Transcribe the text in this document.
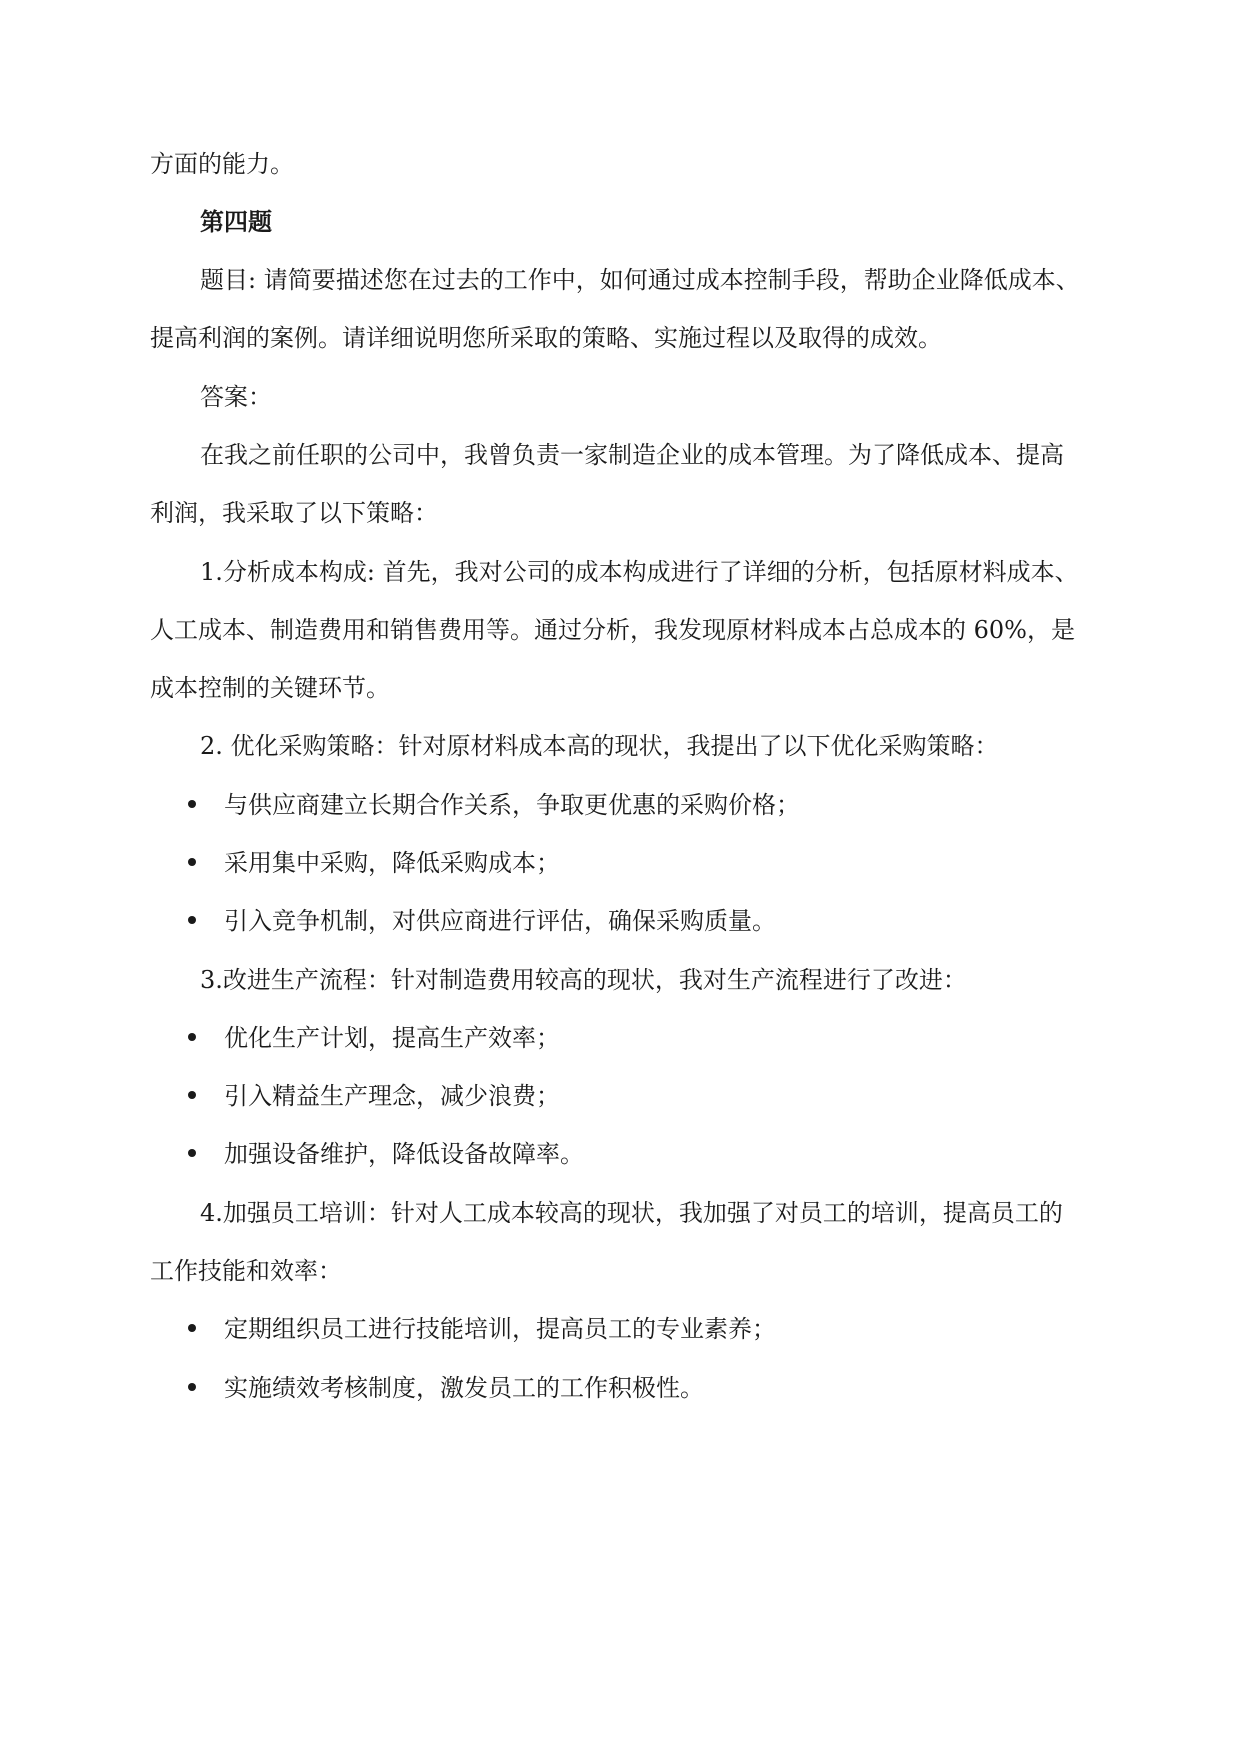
方面的能力。
第四题
题目: 请简要描述您在过去的工作中，如何通过成本控制手段，帮助企业降低成本、
提高利润的案例。请详细说明您所采取的策略、实施过程以及取得的成效。
答案：
在我之前任职的公司中，我曾负责一家制造企业的成本管理。为了降低成本、提高
利润，我采取了以下策略：
1.分析成本构成: 首先，我对公司的成本构成进行了详细的分析，包括原材料成本、
人工成本、制造费用和销售费用等。通过分析，我发现原材料成本占总成本的 60%，是
成本控制的关键环节。
2. 优化采购策略：针对原材料成本高的现状，我提出了以下优化采购策略：
与供应商建立长期合作关系，争取更优惠的采购价格；
采用集中采购，降低采购成本；
引入竞争机制，对供应商进行评估，确保采购质量。
3.改进生产流程：针对制造费用较高的现状，我对生产流程进行了改进：
优化生产计划，提高生产效率；
引入精益生产理念，减少浪费；
加强设备维护，降低设备故障率。
4.加强员工培训：针对人工成本较高的现状，我加强了对员工的培训，提高员工的
工作技能和效率：
定期组织员工进行技能培训，提高员工的专业素养；
实施绩效考核制度，激发员工的工作积极性。
